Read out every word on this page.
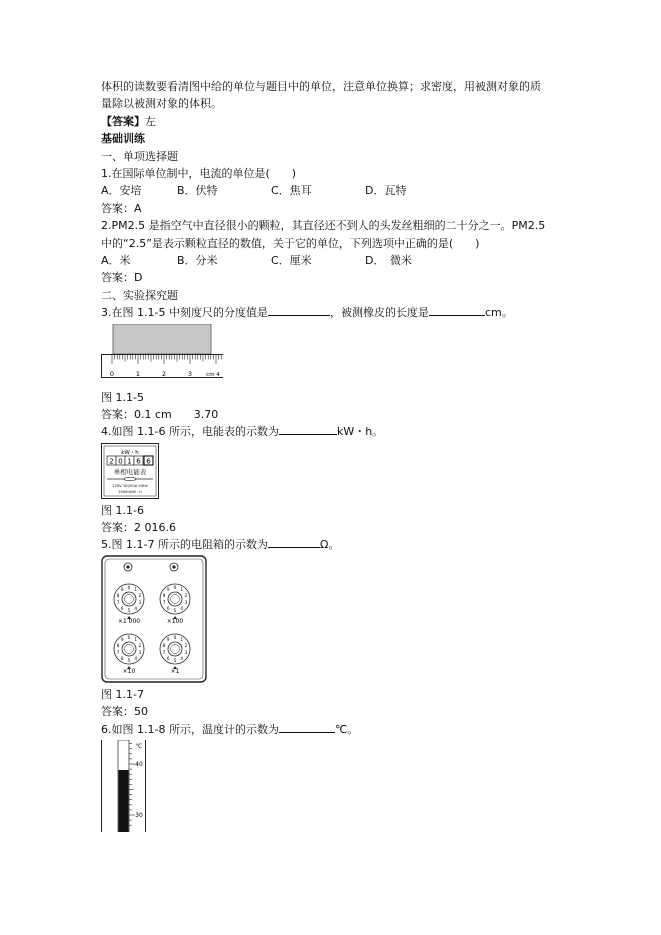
体积的读数要看清图中给的单位与题目中的单位，注意单位换算；求密度，用被测对象的质
量除以被测对象的体积。
【答案】左
基础训练
一、单项选择题
1.在国际单位制中，电流的单位是(　　)
A．安培	B．伏特	C．焦耳	D．瓦特
答案：A
2.PM2.5 是指空气中直径很小的颗粒，其直径还不到人的头发丝粗细的二十分之一。PM2.5
中的“2.5”是表示颗粒直径的数值，关于它的单位，下列选项中正确的是(　　)
A．米	B．分米	C．厘米	D．　微米
答案：D
二、实验探究题
3.在图 1.1-5 中刻度尺的分度值是	，被测橡皮的长度是	cm。
0	1	2	3	cm 4
图 1.1-5
答案：0.1 cm　　3.70
4.如图 1.1-6 所示，电能表的示数为	kW・h。
kW・h
2 0 1 6 6
单相电能表
220V 10(20)A 50Hz
2500r/kW・h
图 1.1-6
答案：2 016.6
5.图 1.1-7 所示的电阻箱的示数为	Ω。
0 1
2
3
4
5
6
7
8
9	0 1
2
3
4
5
6
7
8
9
0 1
2
3
4
5
6
7
8
9	0 1
2
3
4
5
6
7
8
9
×1 000	×100
×10	×1
图 1.1-7
答案：50
6.如图 1.1-8 所示，温度计的示数为	℃。
℃
40
30
